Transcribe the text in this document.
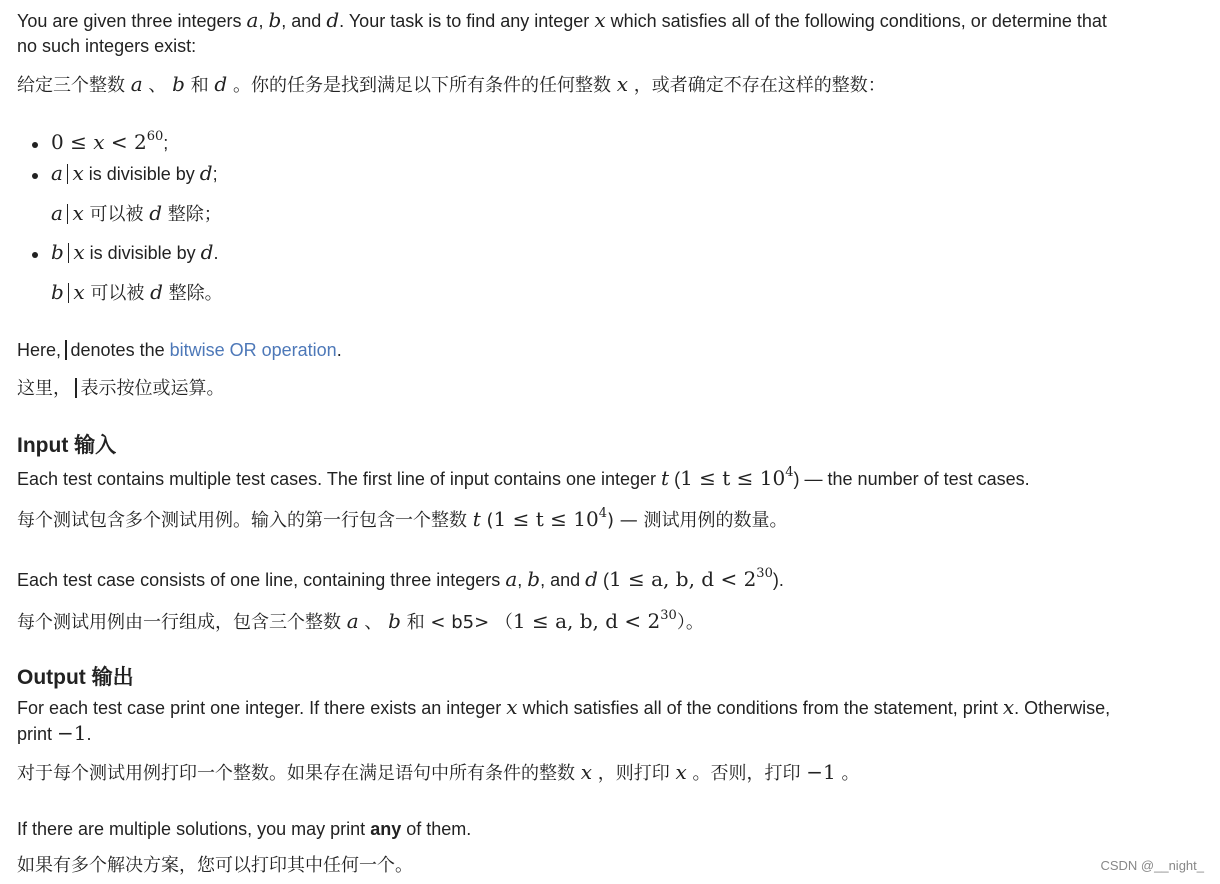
You are given three integers a, b, and d. Your task is to find any integer x which satisfies all of the following conditions, or determine that
no such integers exist:
给定三个整数 a 、 b 和 d 。你的任务是找到满足以下所有条件的任何整数 x ，或者确定不存在这样的整数：
$0 \le x < 2^{60}$;
a x is divisible by d;
a x 可以被 d 整除；
b x is divisible by d.
b x 可以被 d 整除。
Here, denotes the bitwise OR operation.
这里， 表示按位或运算。
Input 输入
Each test contains multiple test cases. The first line of input contains one integer t $(1 \le t \le 10^4)$ — the number of test cases.
每个测试包含多个测试用例。输入的第一行包含一个整数 t $(1 \le t \le 10^4)$ — 测试用例的数量。
Each test case consists of one line, containing three integers a, b, and d (1 ≤ a, b, $d < 2^{30}$).
每个测试用例由一行组成，包含三个整数 a 、 b 和 < b5> （1 ≤ a, b, $d < 2^{30}$）。
Output 输出
For each test case print one integer. If there exists an integer x which satisfies all of the conditions from the statement, print x. Otherwise,
print −1.
对于每个测试用例打印一个整数。如果存在满足语句中所有条件的整数 x ，则打印 x 。否则，打印 −1 。
If there are multiple solutions, you may print any of them.
如果有多个解决方案，您可以打印其中任何一个。	CSDN @__night_
